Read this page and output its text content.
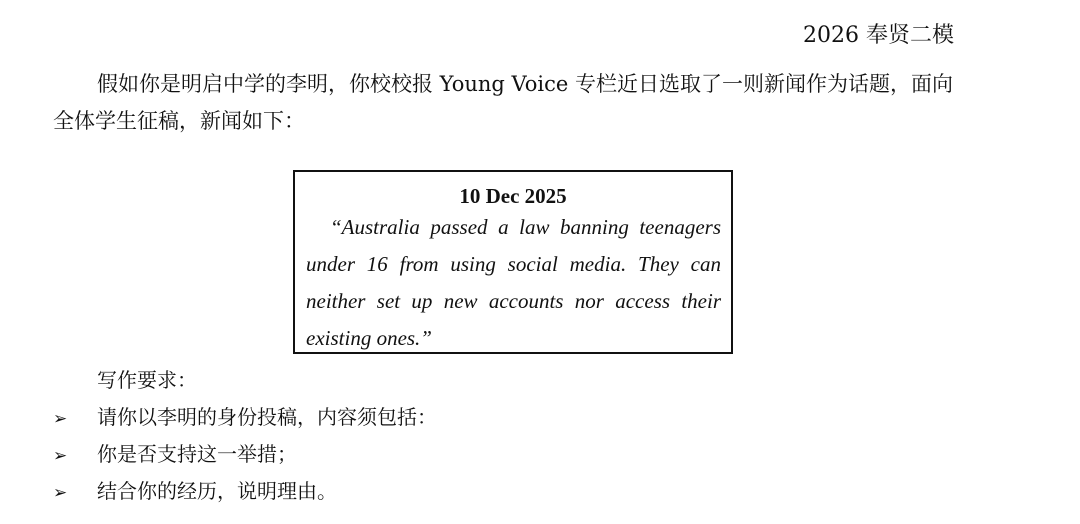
2026 奉贤二模

假如你是明启中学的李明，你校校报 Young Voice 专栏近日选取了一则新闻作为话题，面向全体学生征稿，新闻如下：

10 Dec 2025

“Australia passed a law banning teenagers under 16 from using social media. They can neither set up new accounts nor access their existing ones.”

写作要求：
➢ 请你以李明的身份投稿，内容须包括：
➢ 你是否支持这一举措；
➢ 结合你的经历，说明理由。
